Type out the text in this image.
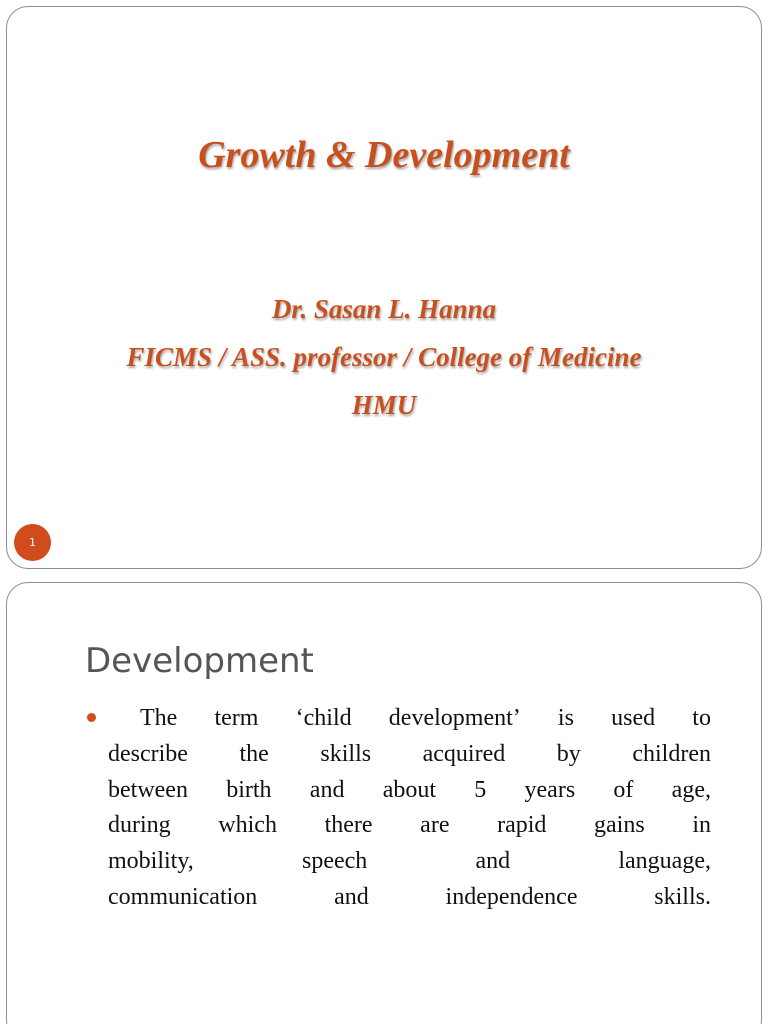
Growth & Development
Dr. Sasan L. Hanna
FICMS / ASS. professor / College of Medicine
HMU
1
Development
The term ‘child development’ is used to
describe the skills acquired by children
between birth and about 5 years of age,
during which there are rapid gains in
mobility,	speech	and	language,
communication	and	independence	skills.
